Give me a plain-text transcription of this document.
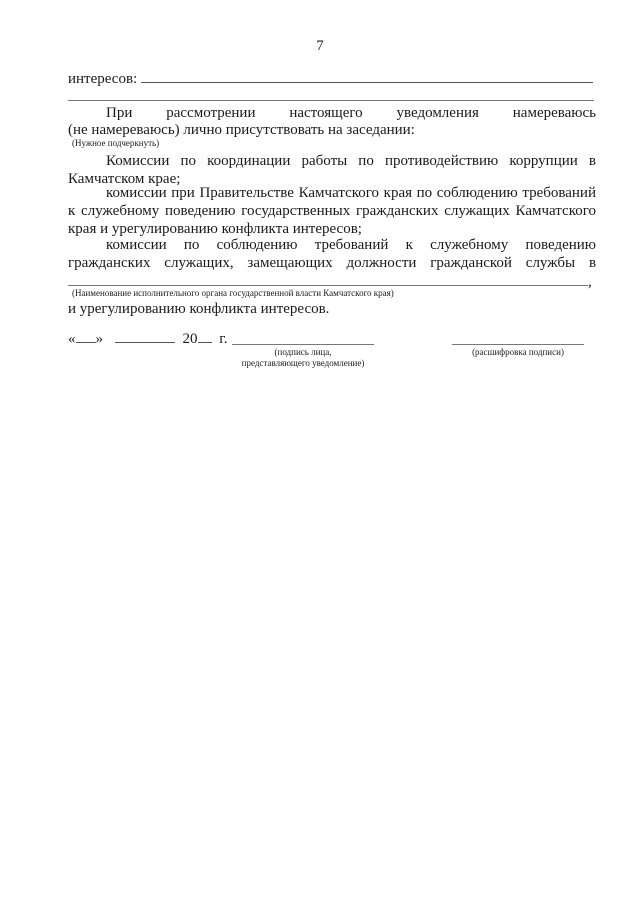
7
интересов:
При рассмотрении настоящего уведомления намереваюсь
(не намереваюсь) лично присутствовать на заседании:
(Нужное подчеркнуть)
Комиссии по координации работы по противодействию коррупции в
Камчатском крае;
комиссии при Правительстве Камчатского края по соблюдению требований
к служебному поведению государственных гражданских служащих Камчатского
края и урегулированию конфликта интересов;
комиссии по соблюдению требований к служебному поведению
гражданских служащих, замещающих должности гражданской службы в
,
(Наименование исполнительного органа государственной власти Камчатского края)
и урегулированию конфликта интересов.
« »	20 г.
(подпись лица,
представляющего уведомление)
(расшифровка подписи)
